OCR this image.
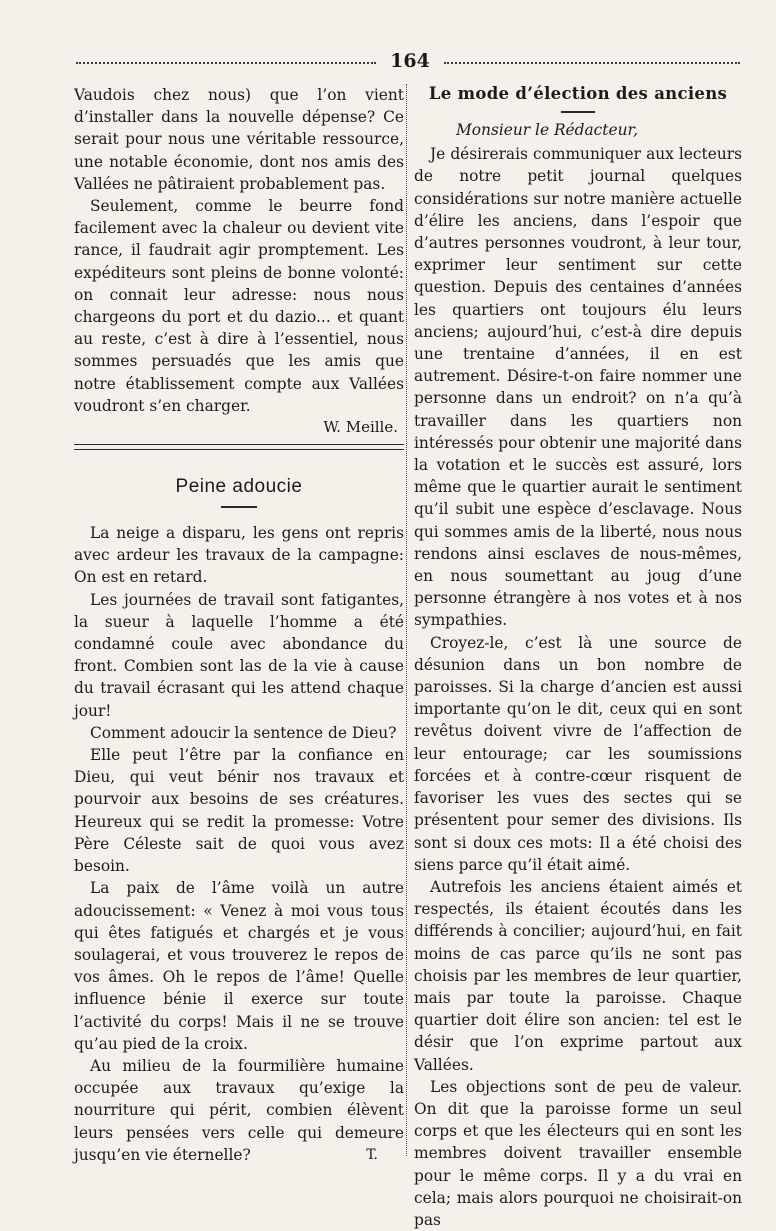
164

Vaudois chez nous) que l’on vient d’installer dans la nouvelle dépense? Ce serait pour nous une véritable ressource, une notable économie, dont nos amis des Vallées ne pâtiraient probablement pas.

Seulement, comme le beurre fond facilement avec la chaleur ou devient vite rance, il faudrait agir promptement. Les expéditeurs sont pleins de bonne volonté: on connait leur adresse: nous nous chargeons du port et du dazio... et quant au reste, c’est à dire à l’essentiel, nous sommes persuadés que les amis que notre établissement compte aux Vallées voudront s’en charger.

W. Meille.
Peine adoucie

La neige a disparu, les gens ont repris avec ardeur les travaux de la campagne: On est en retard.

Les journées de travail sont fatigantes, la sueur à laquelle l’homme a été condamné coule avec abondance du front. Combien sont las de la vie à cause du travail écrasant qui les attend chaque jour!

Comment adoucir la sentence de Dieu?

Elle peut l’être par la confiance en Dieu, qui veut bénir nos travaux et pourvoir aux besoins de ses créatures. Heureux qui se redit la promesse: Votre Père Céleste sait de quoi vous avez besoin.

La paix de l’âme voilà un autre adoucissement: « Venez à moi vous tous qui êtes fatigués et chargés et je vous soulagerai, et vous trouverez le repos de vos âmes. Oh le repos de l’âme! Quelle influence bénie il exerce sur toute l’activité du corps! Mais il ne se trouve qu’au pied de la croix.

Au milieu de la fourmilière humaine occupée aux travaux qu’exige la nourriture qui périt, combien élèvent leurs pensées vers celle qui demeure jusqu’en vie éternelle?	T.
Le mode d’élection des anciens
Monsieur le Rédacteur,

Je désirerais communiquer aux lecteurs de notre petit journal quelques considérations sur notre manière actuelle d’élire les anciens, dans l’espoir que d’autres personnes voudront, à leur tour, exprimer leur sentiment sur cette question. Depuis des centaines d’années les quartiers ont toujours élu leurs anciens; aujourd’hui, c’est-à dire depuis une trentaine d’années, il en est autrement. Désire-t-on faire nommer une personne dans un endroit? on n’a qu’à travailler dans les quartiers non intéressés pour obtenir une majorité dans la votation et le succès est assuré, lors même que le quartier aurait le sentiment qu’il subit une espèce d’esclavage. Nous qui sommes amis de la liberté, nous nous rendons ainsi esclaves de nous-mêmes, en nous soumettant au joug d’une personne étrangère à nos votes et à nos sympathies.

Croyez-le, c’est là une source de désunion dans un bon nombre de paroisses. Si la charge d’ancien est aussi importante qu’on le dit, ceux qui en sont revêtus doivent vivre de l’affection de leur entourage; car les soumissions forcées et à contre-cœur risquent de favoriser les vues des sectes qui se présentent pour semer des divisions. Ils sont si doux ces mots: Il a été choisi des siens parce qu’il était aimé.

Autrefois les anciens étaient aimés et respectés, ils étaient écoutés dans les différends à concilier; aujourd’hui, en fait moins de cas parce qu’ils ne sont pas choisis par les membres de leur quartier, mais par toute la paroisse. Chaque quartier doit élire son ancien: tel est le désir que l’on exprime partout aux Vallées.

Les objections sont de peu de valeur. On dit que la paroisse forme un seul corps et que les électeurs qui en sont les membres doivent travailler ensemble pour le même corps. Il y a du vrai en cela; mais alors pourquoi ne choisirait-on pas
